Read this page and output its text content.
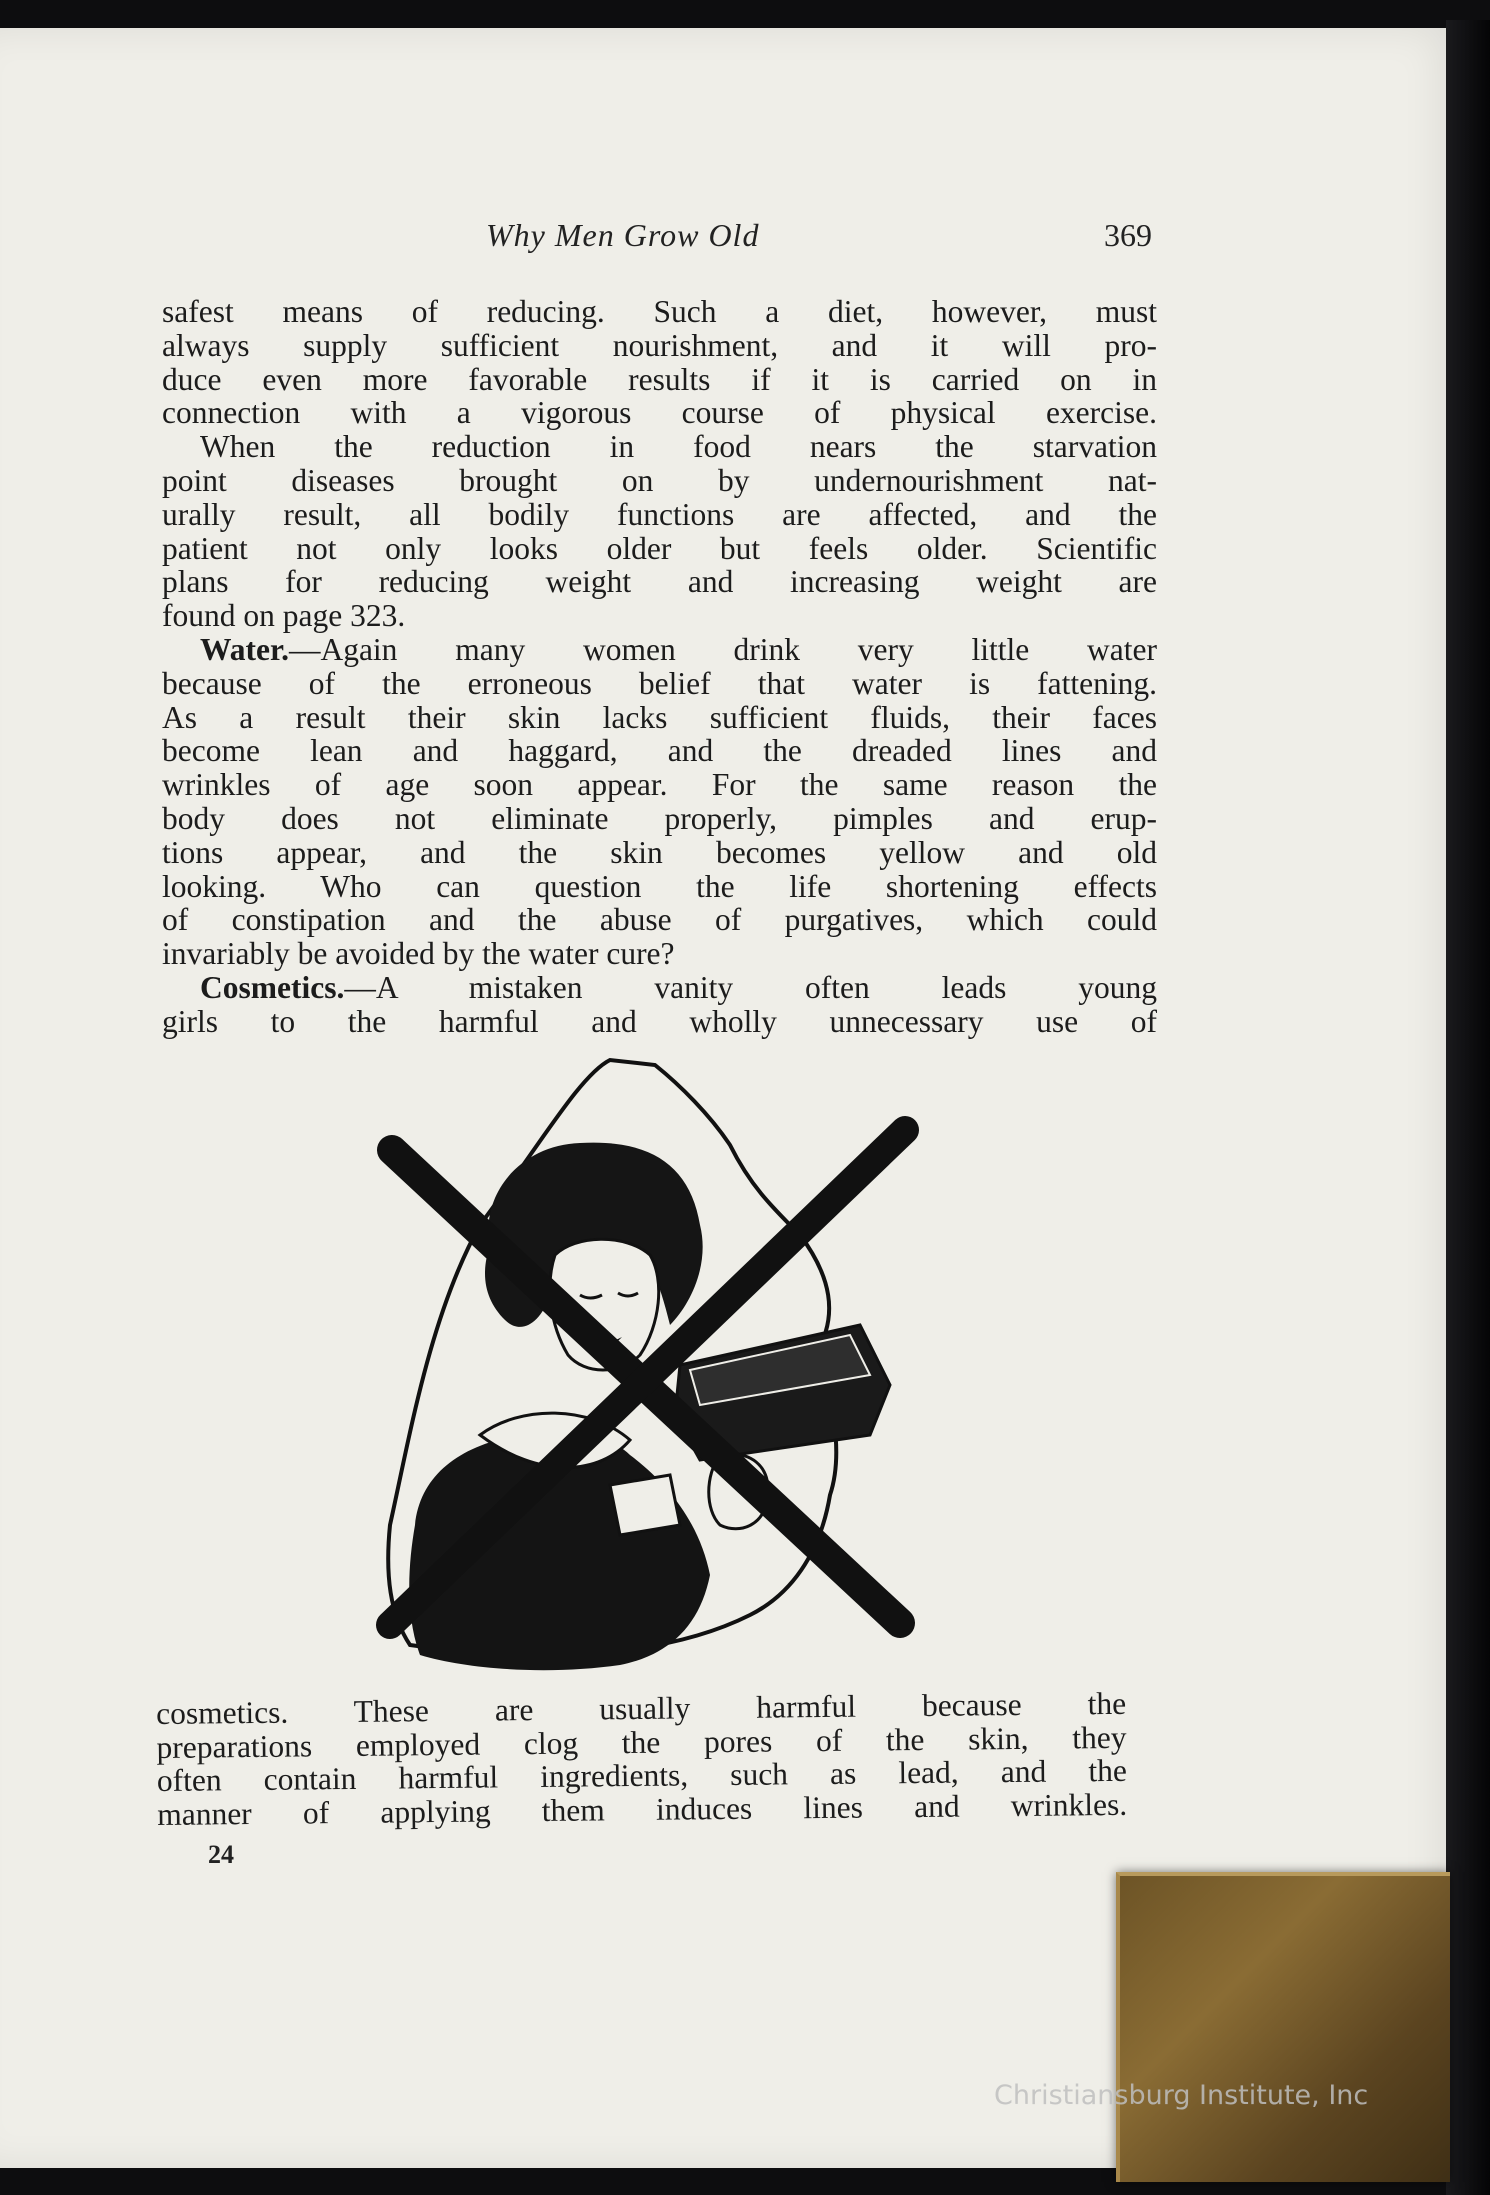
Why Men Grow Old	369
safest means of reducing. Such a diet, however, must
always supply sufficient nourishment, and it will pro-
duce even more favorable results if it is carried on in
connection with a vigorous course of physical exercise.
When the reduction in food nears the starvation
point diseases brought on by undernourishment nat-
urally result, all bodily functions are affected, and the
patient not only looks older but feels older. Scientific
plans for reducing weight and increasing weight are
found on page 323.
Water.—Again many women drink very little water
because of the erroneous belief that water is fattening.
As a result their skin lacks sufficient fluids, their faces
become lean and haggard, and the dreaded lines and
wrinkles of age soon appear. For the same reason the
body does not eliminate properly, pimples and erup-
tions appear, and the skin becomes yellow and old
looking. Who can question the life shortening effects
of constipation and the abuse of purgatives, which could
invariably be avoided by the water cure?
Cosmetics.—A mistaken vanity often leads young
girls to the harmful and wholly unnecessary use of
cosmetics. These are usually harmful because the
preparations employed clog the pores of the skin, they
often contain harmful ingredients, such as lead, and the
manner of applying them induces lines and wrinkles.
24
Christiansburg Institute, Inc
